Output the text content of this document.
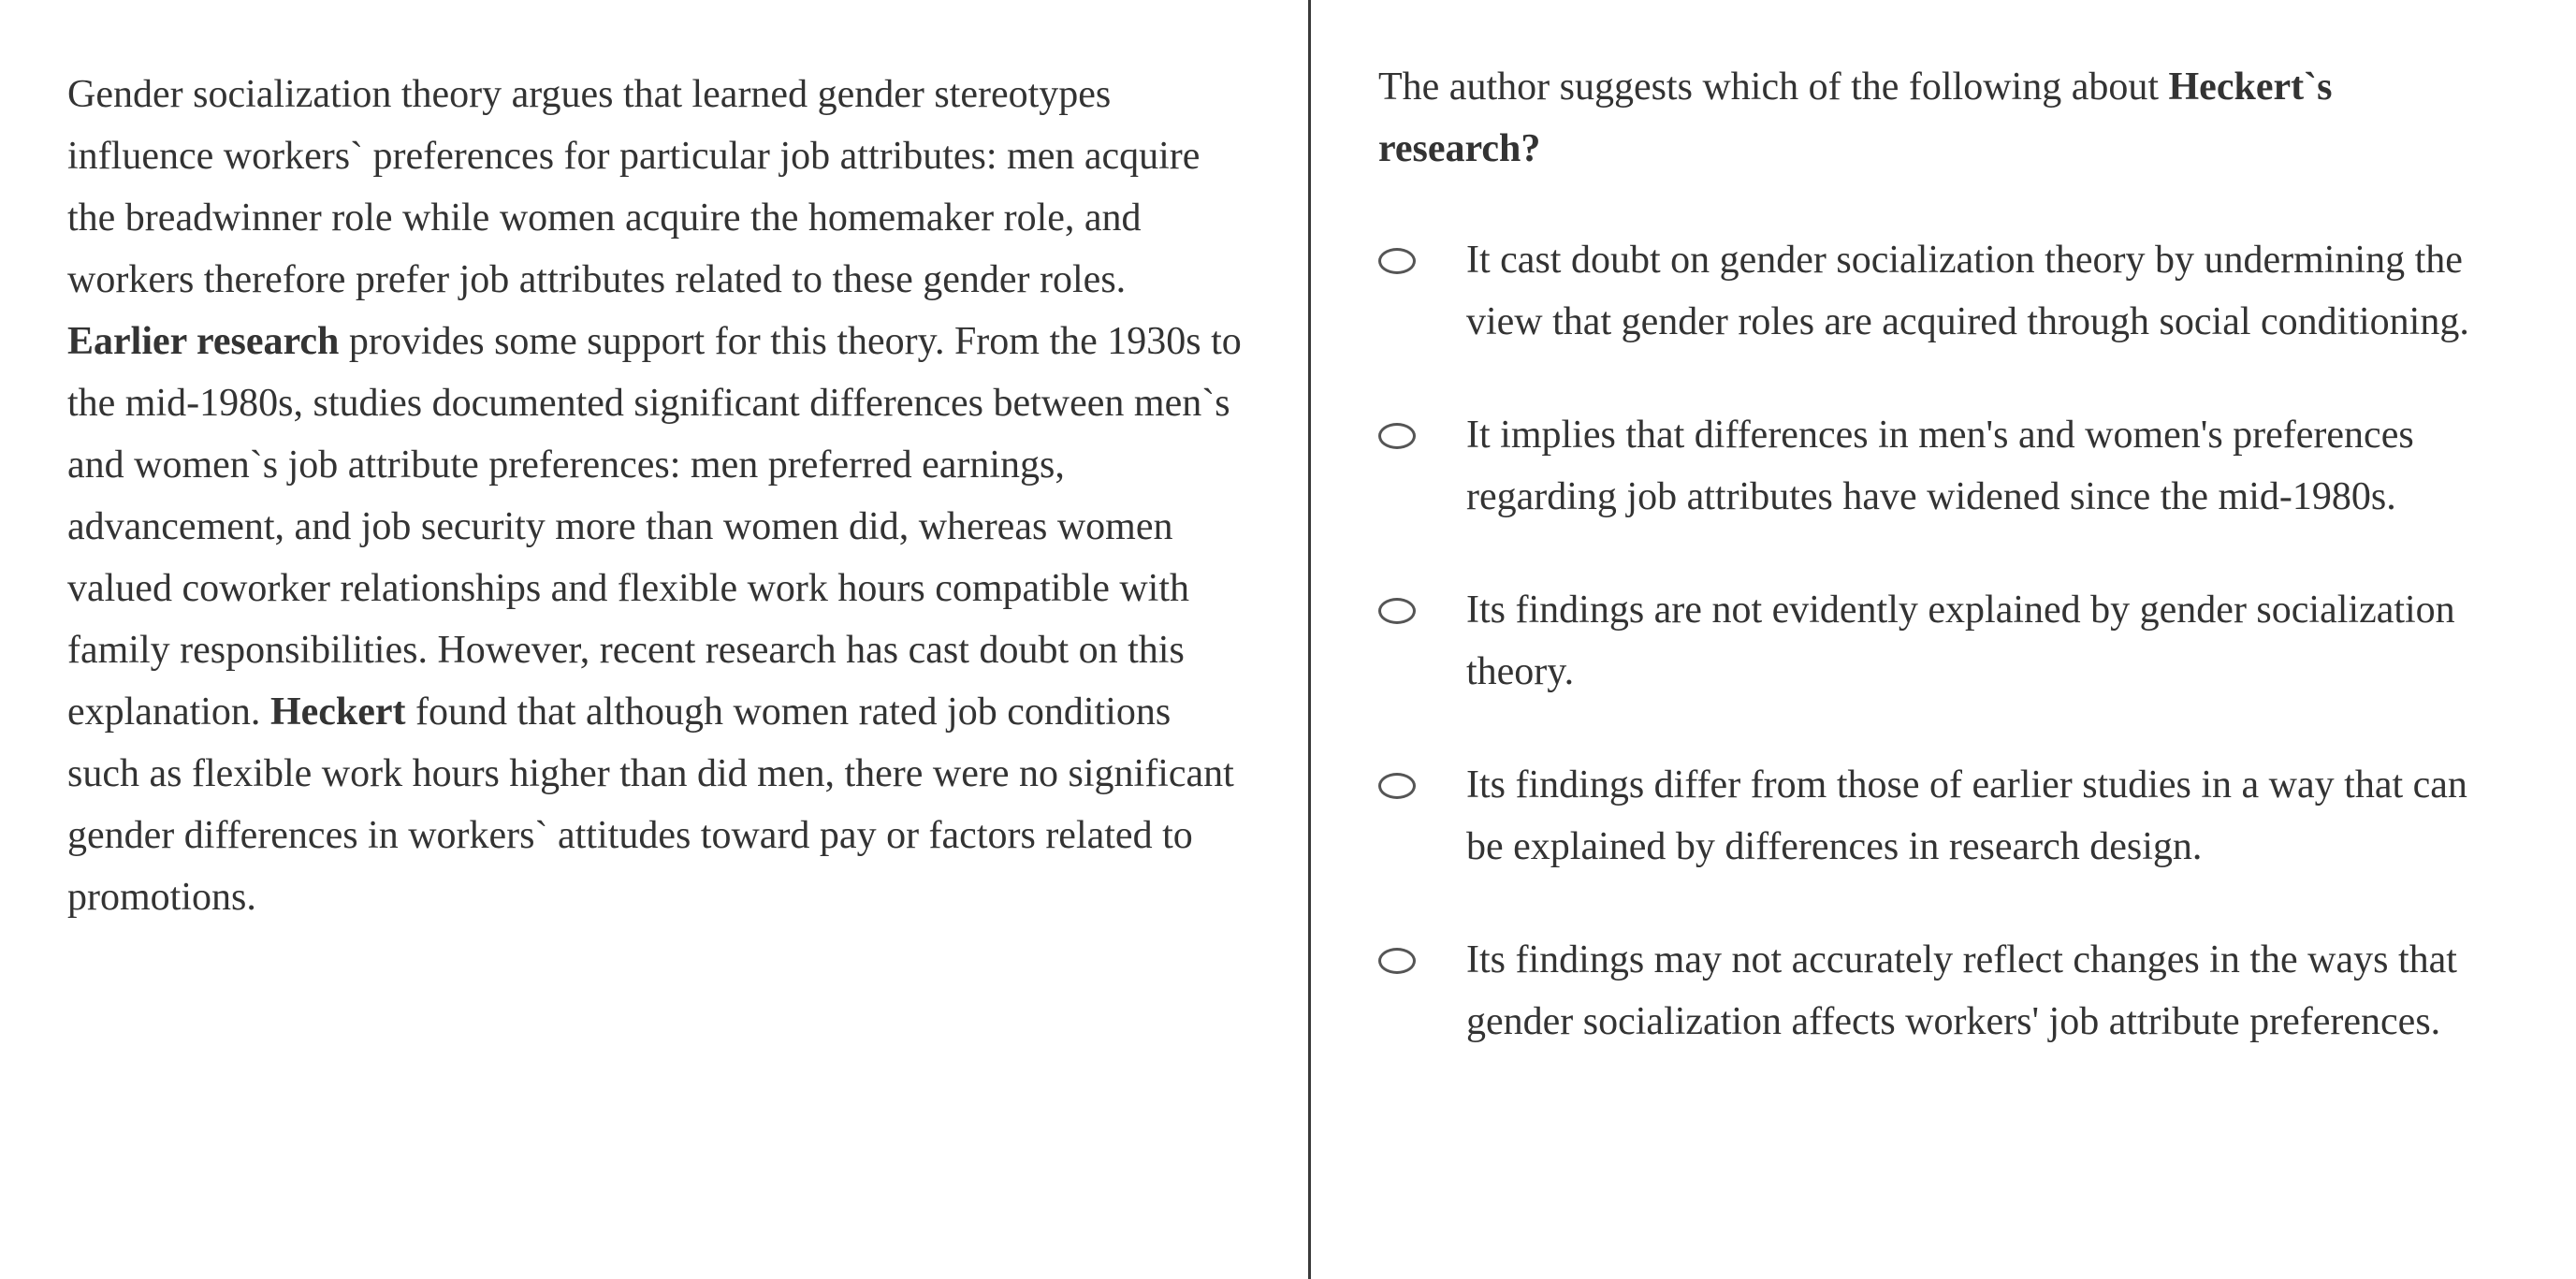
Gender socialization theory argues that learned gender stereotypes influence workers` preferences for particular job attributes: men acquire the breadwinner role while women acquire the homemaker role, and workers therefore prefer job attributes related to these gender roles. Earlier research provides some support for this theory. From the 1930s to the mid-1980s, studies documented significant differences between men`s and women`s job attribute preferences: men preferred earnings, advancement, and job security more than women did, whereas women valued coworker relationships and flexible work hours compatible with family responsibilities. However, recent research has cast doubt on this explanation. Heckert found that although women rated job conditions such as flexible work hours higher than did men, there were no significant gender differences in workers` attitudes toward pay or factors related to promotions.

The author suggests which of the following about Heckert`s research?

It cast doubt on gender socialization theory by undermining the view that gender roles are acquired through social conditioning.
It implies that differences in men's and women's preferences regarding job attributes have widened since the mid-1980s.
Its findings are not evidently explained by gender socialization theory.
Its findings differ from those of earlier studies in a way that can be explained by differences in research design.
Its findings may not accurately reflect changes in the ways that gender socialization affects workers' job attribute preferences.
